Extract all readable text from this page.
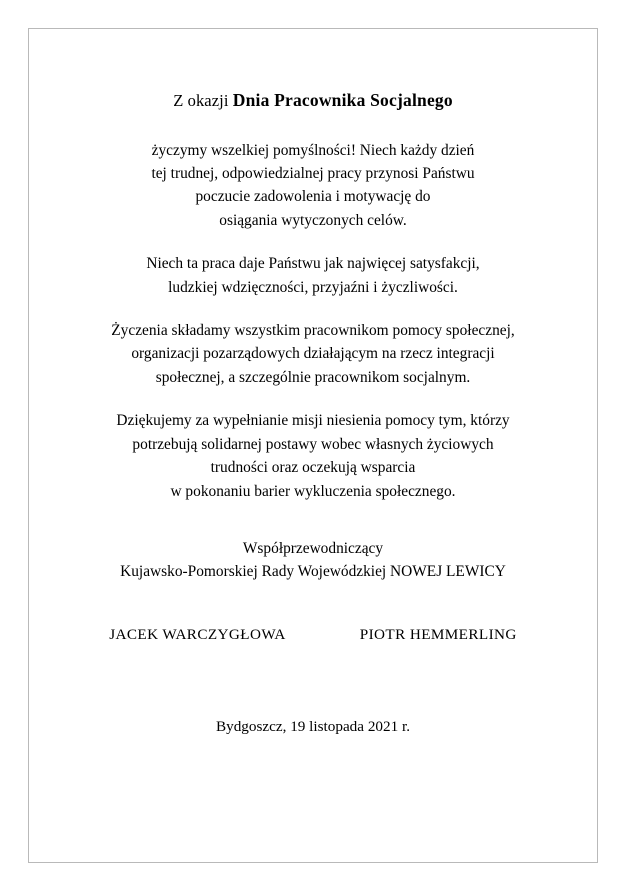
Z okazji Dnia Pracownika Socjalnego

życzymy wszelkiej pomyślności! Niech każdy dzień
tej trudnej, odpowiedzialnej pracy przynosi Państwu
poczucie zadowolenia i motywację do
osiągania wytyczonych celów.

Niech ta praca daje Państwu jak najwięcej satysfakcji,
ludzkiej wdzięczności, przyjaźni i życzliwości.

Życzenia składamy wszystkim pracownikom pomocy społecznej,
organizacji pozarządowych działającym na rzecz integracji
społecznej, a szczególnie pracownikom socjalnym.

Dziękujemy za wypełnianie misji niesienia pomocy tym, którzy
potrzebują solidarnej postawy wobec własnych życiowych
trudności oraz oczekują wsparcia
w pokonaniu barier wykluczenia społecznego.

Współprzewodniczący
Kujawsko-Pomorskiej Rady Wojewódzkiej NOWEJ LEWICY
JACEK WARCZYGŁOWA	PIOTR HEMMERLING
Bydgoszcz, 19 listopada 2021 r.
